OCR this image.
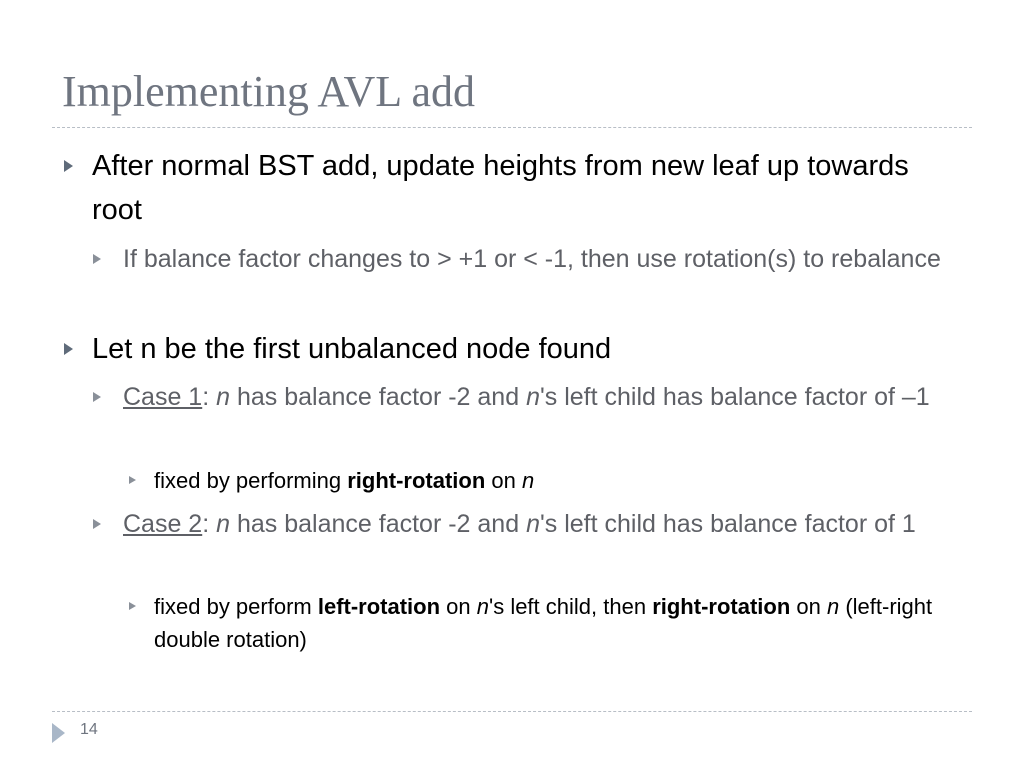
Implementing AVL add
After normal BST add, update heights from new leaf up towards root
If balance factor changes to > +1 or < -1, then use rotation(s) to rebalance
Let n be the first unbalanced node found
Case 1: n has balance factor -2 and n's left child has balance factor of –1
fixed by performing right-rotation on n
Case 2: n has balance factor -2 and n's left child has balance factor of 1
fixed by perform left-rotation on n's left child, then right-rotation on n (left-right double rotation)
14
